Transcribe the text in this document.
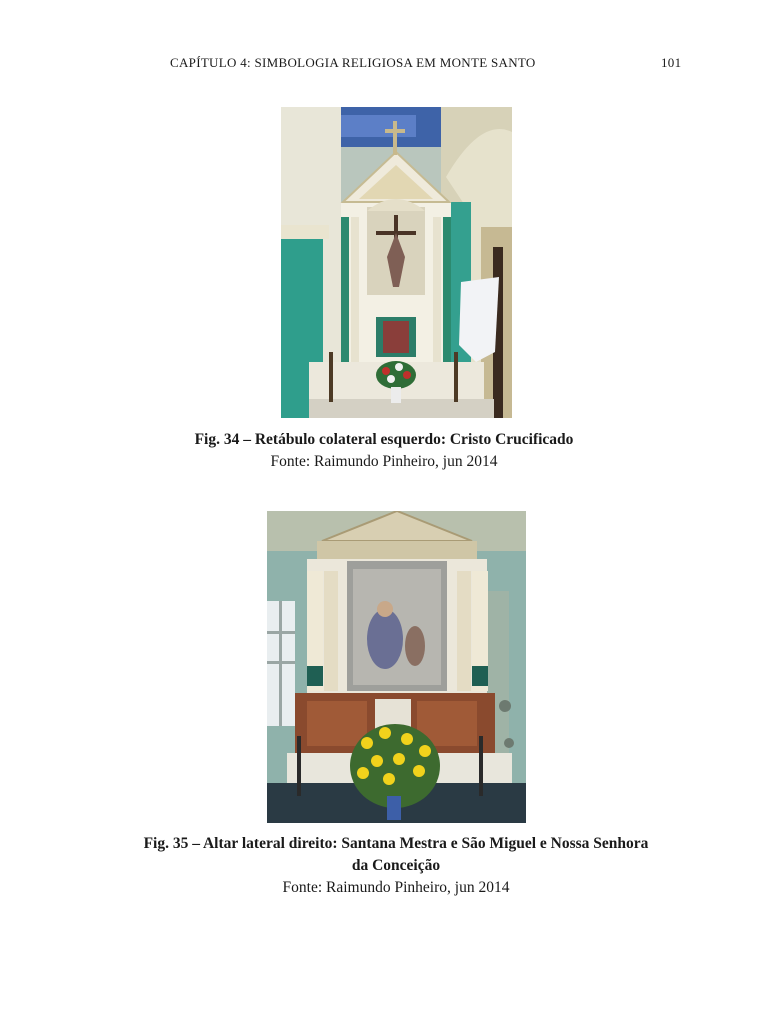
CAPÍTULO 4: SIMBOLOGIA RELIGIOSA EM MONTE SANTO	101
Fig. 34 – Retábulo colateral esquerdo: Cristo Crucificado
Fonte: Raimundo Pinheiro, jun 2014
Fig. 35 – Altar lateral direito: Santana Mestra e São Miguel e Nossa Senhora
da Conceição
Fonte: Raimundo Pinheiro, jun 2014
